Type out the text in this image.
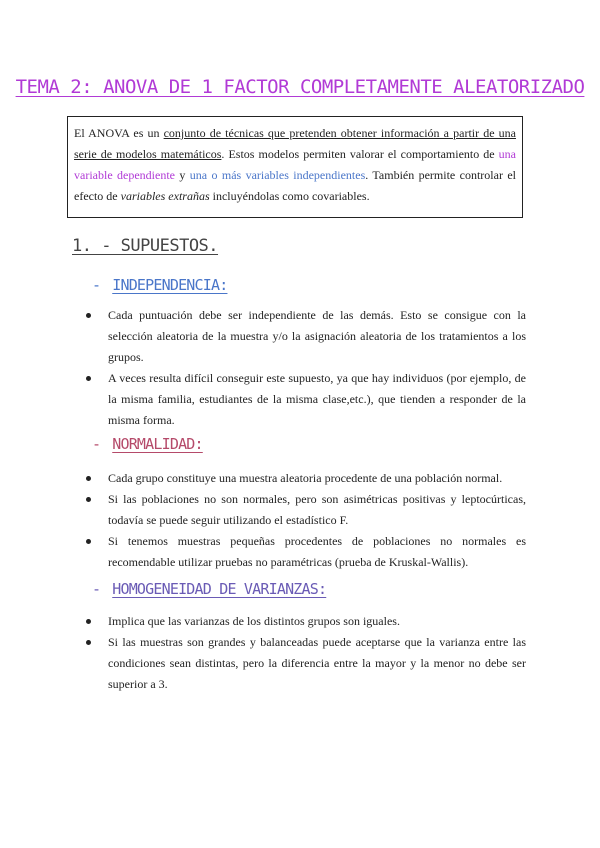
TEMA 2: ANOVA DE 1 FACTOR COMPLETAMENTE ALEATORIZADO
El ANOVA es un conjunto de técnicas que pretenden obtener información a partir de una serie de modelos matemáticos. Estos modelos permiten valorar el comportamiento de una variable dependiente y una o más variables independientes. También permite controlar el efecto de variables extrañas incluyéndolas como covariables.
1. - SUPUESTOS.
- INDEPENDENCIA:
Cada puntuación debe ser independiente de las demás. Esto se consigue con la selección aleatoria de la muestra y/o la asignación aleatoria de los tratamientos a los grupos.
A veces resulta difícil conseguir este supuesto, ya que hay individuos (por ejemplo, de la misma familia, estudiantes de la misma clase,etc.), que tienden a responder de la misma forma.
- NORMALIDAD:
Cada grupo constituye una muestra aleatoria procedente de una población normal.
Si las poblaciones no son normales, pero son asimétricas positivas y leptocúrticas, todavía se puede seguir utilizando el estadístico F.
Si tenemos muestras pequeñas procedentes de poblaciones no normales es recomendable utilizar pruebas no paramétricas (prueba de Kruskal-Wallis).
- HOMOGENEIDAD DE VARIANZAS:
Implica que las varianzas de los distintos grupos son iguales.
Si las muestras son grandes y balanceadas puede aceptarse que la varianza entre las condiciones sean distintas, pero la diferencia entre la mayor y la menor no debe ser superior a 3.
